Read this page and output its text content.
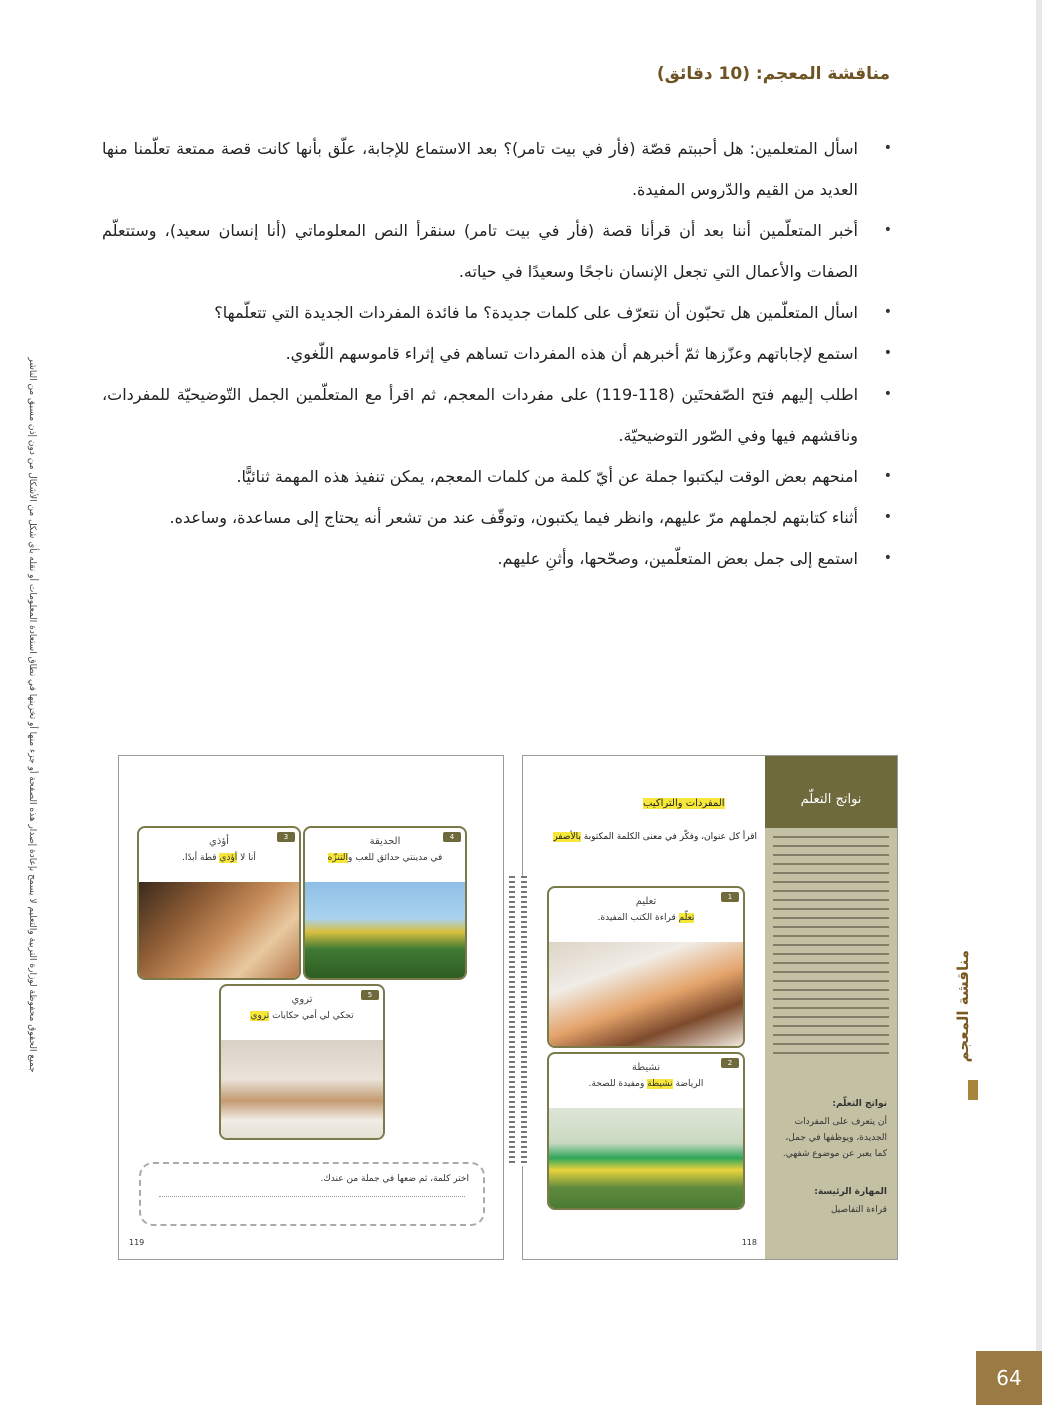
جميع الحقوق محفوظة لوزارة التربية والتعليم لا يسمح بإعادة إصدار هذه الصفحة أو جزء منها أو تخزينها في نطاق استعادة المعلومات أو نقله بأي شكل من الأشكال من دون إذن مسبق من الناشر
مناقشة المعجم: (10 دقائق)
• اسأل المتعلمين: هل أحببتم قصّة (فأر في بيت تامر)؟ بعد الاستماع للإجابة، علّق بأنها كانت قصة ممتعة تعلّمنا منها العديد من القيم والدّروس المفيدة.
• أخبر المتعلّمين أننا بعد أن قرأنا قصة (فأر في بيت تامر) سنقرأ النص المعلوماتي (أنا إنسان سعيد)، وستتعلّم الصفات والأعمال التي تجعل الإنسان ناجحًا وسعيدًا في حياته.
• اسأل المتعلّمين هل تحبّون أن نتعرّف على كلمات جديدة؟ ما فائدة المفردات الجديدة التي تتعلّمها؟
• استمع لإجاباتهم وعزّزها ثمّ أخبرهم أن هذه المفردات تساهم في إثراء قاموسهم اللّغوي.
• اطلب إليهم فتح الصّفحتَين (118-119) على مفردات المعجم، ثم اقرأ مع المتعلّمين الجمل التّوضيحيّة للمفردات، وناقشهم فيها وفي الصّور التوضيحيّة.
• امنحهم بعض الوقت ليكتبوا جملة عن أيّ كلمة من كلمات المعجم، يمكن تنفيذ هذه المهمة ثنائيًّا.
• أثناء كتابتهم لجملهم مرّ عليهم، وانظر فيما يكتبون، وتوقّف عند من تشعر أنه يحتاج إلى مساعدة، وساعده.
• استمع إلى جمل بعض المتعلّمين، وصحّحها، وأثنِ عليهم.
مناقشة المعجم
4
الحديقة
في مدينتي حدائق للعب والتنزّه
3
أؤذي
أنا لا أؤذي قطة أبدًا.
5
تروي
تحكي لي أمي حكايات تروي
اختر كلمة، ثم ضعها في جملة من عندك.
119
المفردات والتراكيب
اقرأ كل عنوان، وفكّر في معنى الكلمة المكتوبة بالأصفر
1
تعليم
تعلّم قراءة الكتب المفيدة.
2
نشيطة
الرياضة نشيطة ومفيدة للصحة.
نواتج التعلّم
نواتج التعلّم:
أن يتعرف على المفردات الجديدة، ويوظفها في جمل، كما يعبر عن موضوع شفهي.
المهارة الرئيسة:
قراءة التفاصيل
118
64
